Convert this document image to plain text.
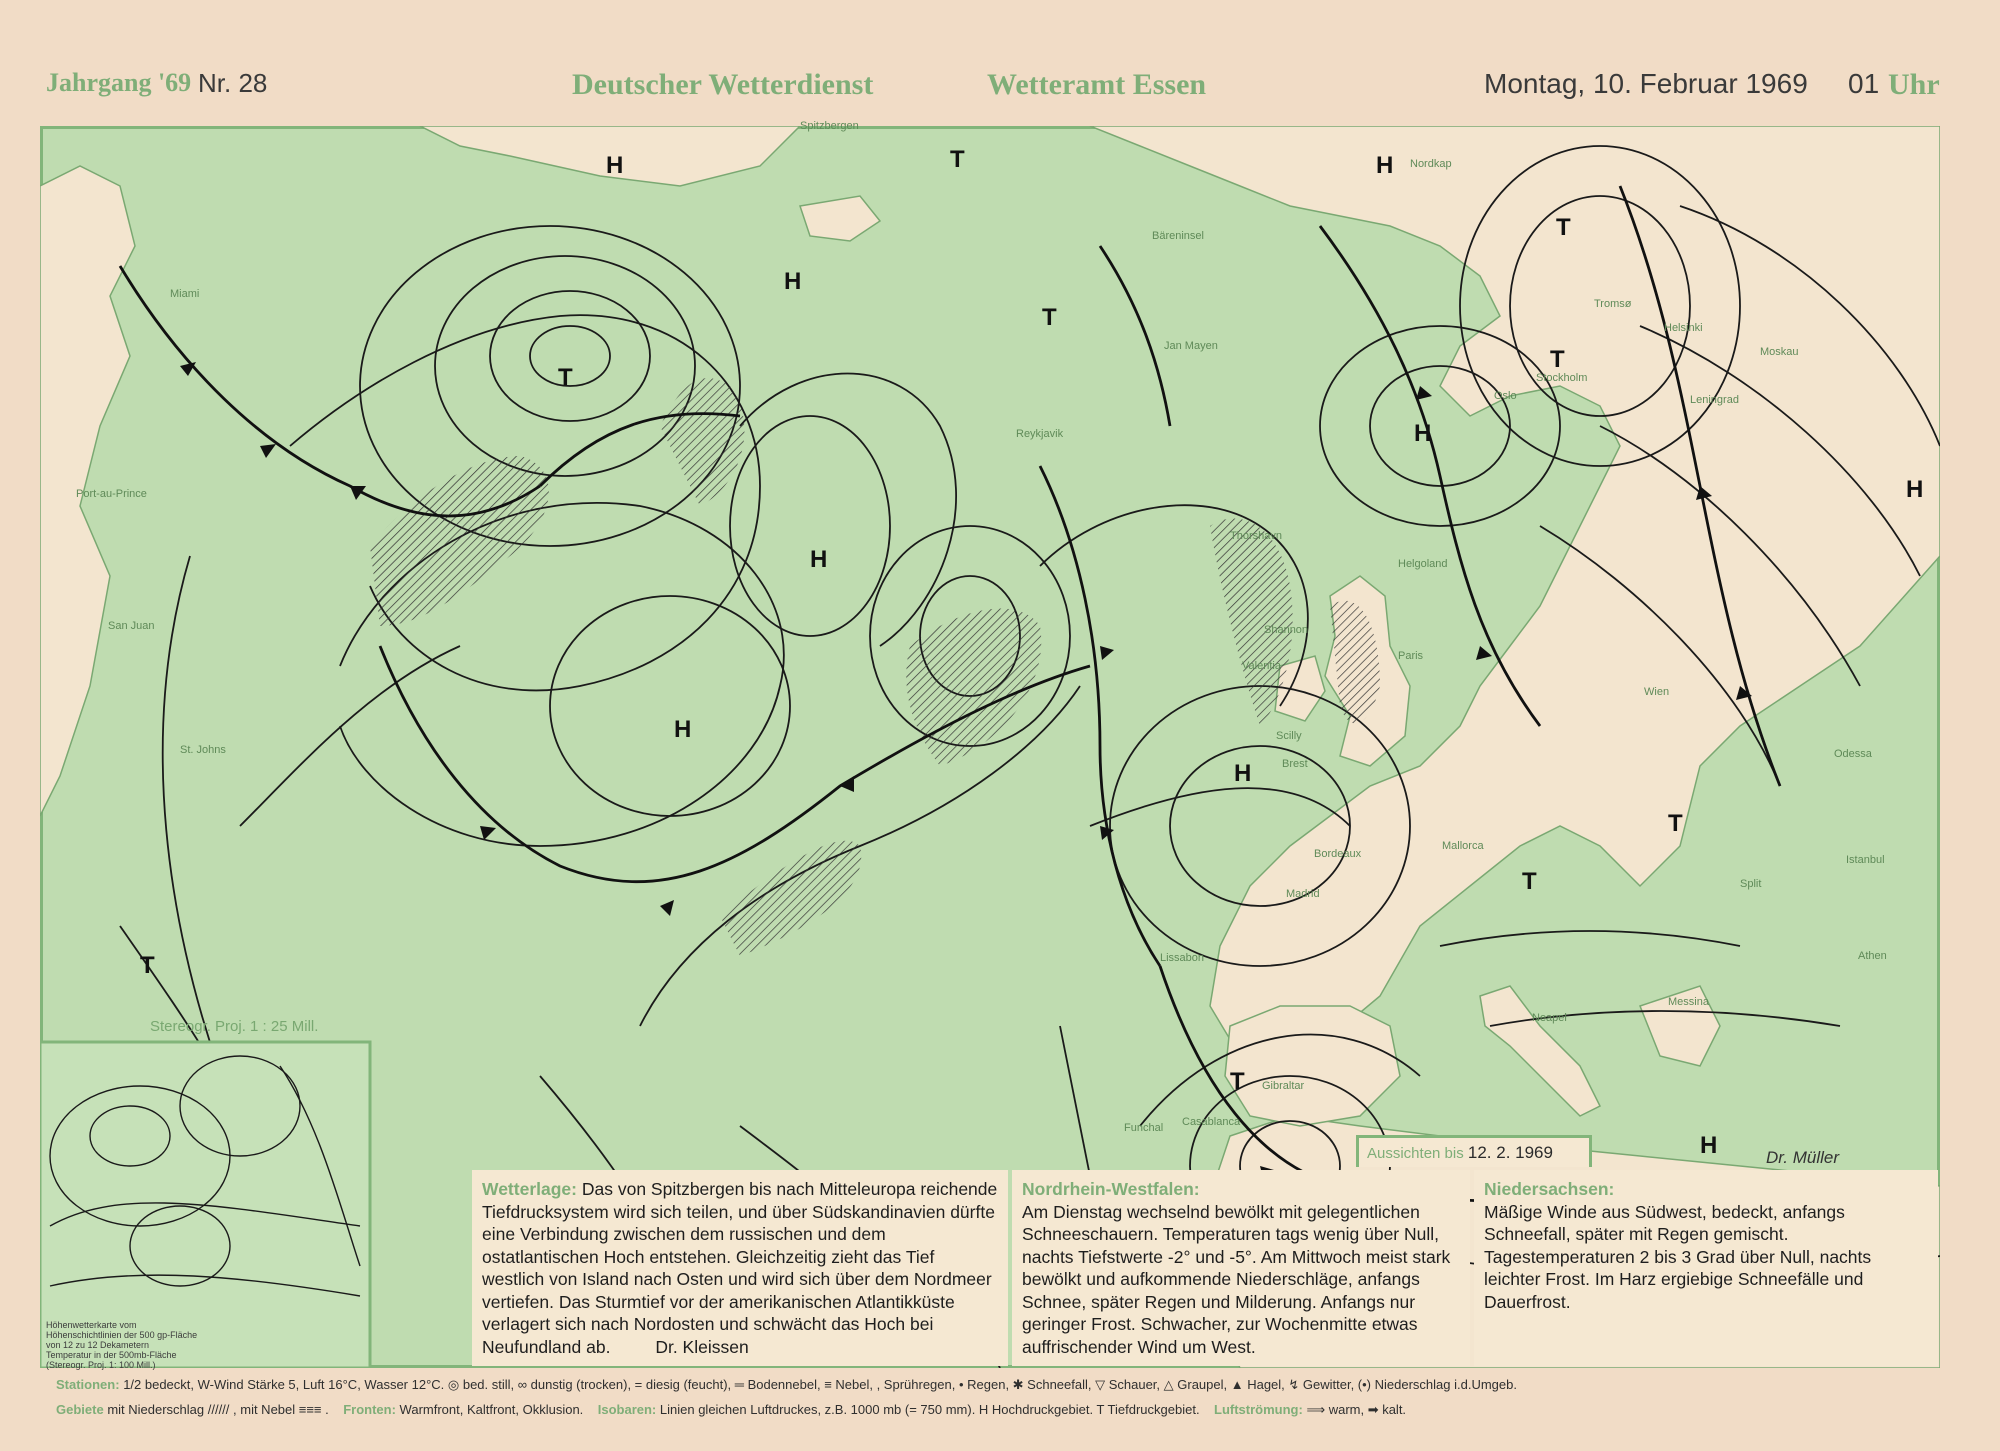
Jahrgang '69 Nr. 28	Deutscher Wetterdienst	Wetteramt Essen	Montag, 10. Februar 1969 01 Uhr
Stereogr. Proj. 1 : 25 Mill.
H
H
H
H
H
H
H
H
H
T
T
T
T
T
T
T
T
T
St. Johns
Port-au-Prince
San Juan
Miami
Mallorca
Neapel
Athen
Istanbul
Odessa
Moskau
Madrid
Paris
Helgoland
Split
Messina
Lissabon
Casablanca
Gibraltar
Funchal
Bordeaux
Brest
Scilly
Valentia
Shannon
Thorshavn
Tromsø
Jan Mayen
Reykjavik
Nordkap
Spitzbergen
Bäreninsel
Leningrad
Helsinki
Stockholm
Oslo
Wien
Höhenwetterkarte vom
Höhenschichtlinien der 500 gp-Fläche
von 12 zu 12 Dekametern
Temperatur in der 500mb-Fläche
(Stereogr. Proj. 1: 100 Mill.)
Aussichten bis 12. 2. 1969	Dr. Müller
Wetterlage: Das von Spitzbergen bis nach Mitteleuropa reichende Tiefdrucksystem wird sich teilen, und über Südskandinavien dürfte eine Verbindung zwischen dem russischen und dem ostatlantischen Hoch entstehen. Gleichzeitig zieht das Tief westlich von Island nach Osten und wird sich über dem Nordmeer vertiefen. Das Sturmtief vor der amerikanischen Atlantikküste verlagert sich nach Nordosten und schwächt das Hoch bei Neufundland ab.	Dr. Kleissen
Nordrhein-Westfalen:
Am Dienstag wechselnd bewölkt mit gelegentlichen Schneeschauern. Temperaturen tags wenig über Null, nachts Tiefstwerte -2° und -5°. Am Mittwoch meist stark bewölkt und aufkommende Niederschläge, anfangs Schnee, später Regen und Milderung. Anfangs nur geringer Frost. Schwacher, zur Wochenmitte etwas auffrischender Wind um West.
Niedersachsen:
Mäßige Winde aus Südwest, bedeckt, anfangs Schneefall, später mit Regen gemischt. Tagestemperaturen 2 bis 3 Grad über Null, nachts leichter Frost. Im Harz ergiebige Schneefälle und Dauerfrost.
Stationen: 1/2 bedeckt, W-Wind Stärke 5, Luft 16°C, Wasser 12°C. ◎ bed. still, ∞ dunstig (trocken), = diesig (feucht), ═ Bodennebel, ≡ Nebel, , Sprühregen, • Regen, ✱ Schneefall, ▽ Schauer, △ Graupel, ▲ Hagel, ↯ Gewitter, (•) Niederschlag i.d.Umgeb.
Gebiete mit Niederschlag ////// , mit Nebel ≡≡≡ . Fronten: Warmfront, Kaltfront, Okklusion. Isobaren: Linien gleichen Luftdruckes, z.B. 1000 mb (= 750 mm). H Hochdruckgebiet. T Tiefdruckgebiet. Luftströmung: ⟹ warm, ➡ kalt.
